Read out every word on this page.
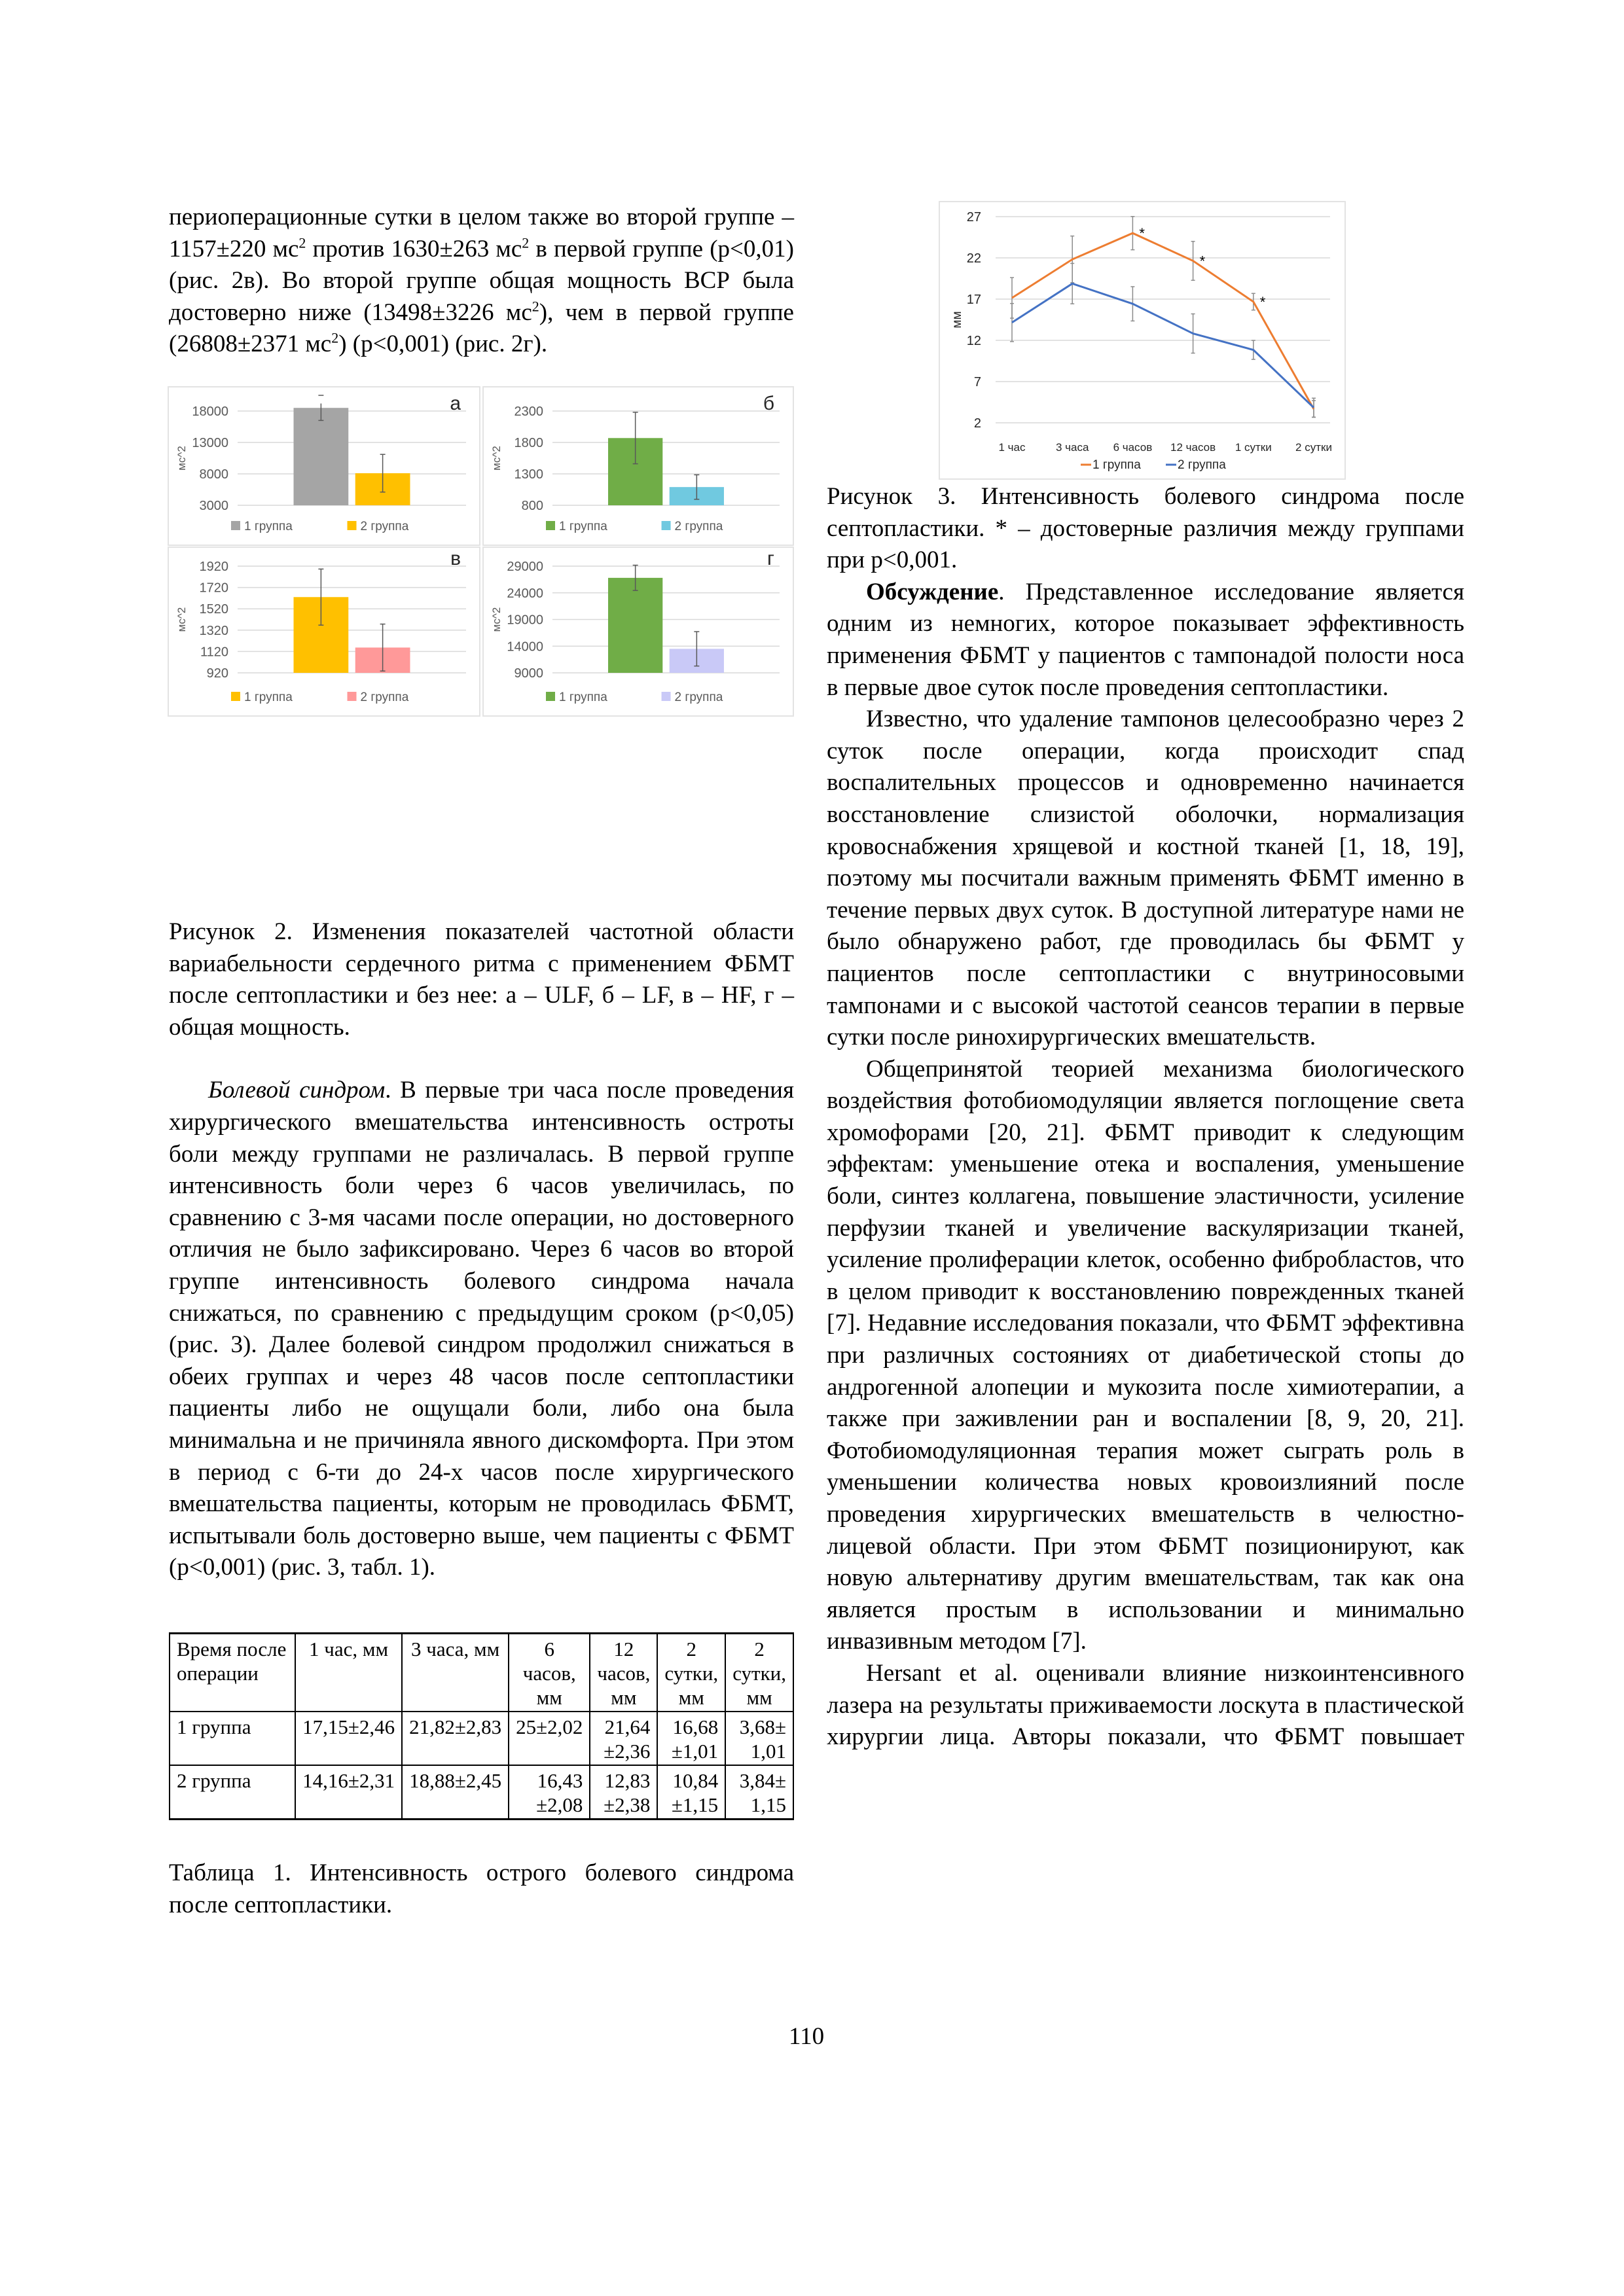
периоперационные сутки в целом также во второй группе – 1157±220 $мс^2$ против 1630±263 $мс^2$ в первой группе (p<0,01) (рис. 2в). Во второй группе общая мощность ВСР была достоверно ниже (13498±3226 $мс^2$), чем в первой группе (26808±2371 $мс^2$) (p<0,001) (рис. 2г).

3000
8000
13000
18000
мс^2
а
1 группа	2 группа
800
1300
1800
2300
мс^2
б
1 группа	2 группа
920
1120
1320
1520
1720
1920
мс^2
в
1 группа	2 группа
9000
14000
19000
24000
29000
мс^2
г
1 группа	2 группа

Рисунок 2. Изменения показателей частотной области вариабельности сердечного ритма с применением ФБМТ после септопластики и без нее: а – ULF, б – LF, в – HF, г – общая мощность.

Болевой синдром. В первые три часа после проведения хирургического вмешательства интенсивность остроты боли между группами не различалась. В первой группе интенсивность боли через 6 часов увеличилась, по сравнению с 3-мя часами после операции, но достоверного отличия не было зафиксировано. Через 6 часов во второй группе интенсивность болевого синдрома начала снижаться, по сравнению с предыдущим сроком (p<0,05) (рис. 3). Далее болевой синдром продолжил снижаться в обеих группах и через 48 часов после септопластики пациенты либо не ощущали боли, либо она была минимальна и не причиняла явного дискомфорта. При этом в период с 6-ти до 24-х часов после хирургического вмешательства пациенты, которым не проводилась ФБМТ, испытывали боль достоверно выше, чем пациенты с ФБМТ (p<0,001) (рис. 3, табл. 1).

Время после операции	1 час, мм	3 часа, мм	6 часов, мм	12 часов, мм	2 сутки, мм	2 сутки, мм
1 группа	17,15±2,46	21,82±2,83	25±2,02	21,64 ±2,36	16,68 ±1,01	3,68± 1,01
2 группа	14,16±2,31	18,88±2,45	16,43 ±2,08	12,83 ±2,38	10,84 ±1,15	3,84± 1,15
Таблица 1. Интенсивность острого болевого синдрома после септопластики.
2
7
12
17
22
27
мм
1 час	3 часа 6 часов 12 часов 1 сутки 2 сутки
*
*
*
1 группа	2 группа

Рисунок 3. Интенсивность болевого синдрома после септопластики. * – достоверные различия между группами при p<0,001.

Обсуждение. Представленное исследование является одним из немногих, которое показывает эффективность применения ФБМТ у пациентов с тампонадой полости носа в первые двое суток после проведения септопластики.

Известно, что удаление тампонов целесообразно через 2 суток после операции, когда происходит спад воспалительных процессов и одновременно начинается восстановление слизистой оболочки, нормализация кровоснабжения хрящевой и костной тканей [1, 18, 19], поэтому мы посчитали важным применять ФБМТ именно в течение первых двух суток. В доступной литературе нами не было обнаружено работ, где проводилась бы ФБМТ у пациентов после септопластики с внутриносовыми тампонами и с высокой частотой сеансов терапии в первые сутки после ринохирургических вмешательств.

Общепринятой теорией механизма биологического воздействия фотобиомодуляции является поглощение света хромофорами [20, 21]. ФБМТ приводит к следующим эффектам: уменьшение отека и воспаления, уменьшение боли, синтез коллагена, повышение эластичности, усиление перфузии тканей и увеличение васкуляризации тканей, усиление пролиферации клеток, особенно фибробластов, что в целом приводит к восстановлению поврежденных тканей [7]. Недавние исследования показали, что ФБМТ эффективна при различных состояниях от диабетической стопы до андрогенной алопеции и мукозита после химиотерапии, а также при заживлении ран и воспалении [8, 9, 20, 21]. Фотобиомодуляционная терапия может сыграть роль в уменьшении количества новых кровоизлияний после проведения хирургических вмешательств в челюстно-лицевой области. При этом ФБМТ позиционируют, как новую альтернативу другим вмешательствам, так как она является простым в использовании и минимально инвазивным методом [7].

Hersant et al. оценивали влияние низкоинтенсивного лазера на результаты приживаемости лоскута в пластической хирургии лица. Авторы показали, что ФБМТ повышает

110
